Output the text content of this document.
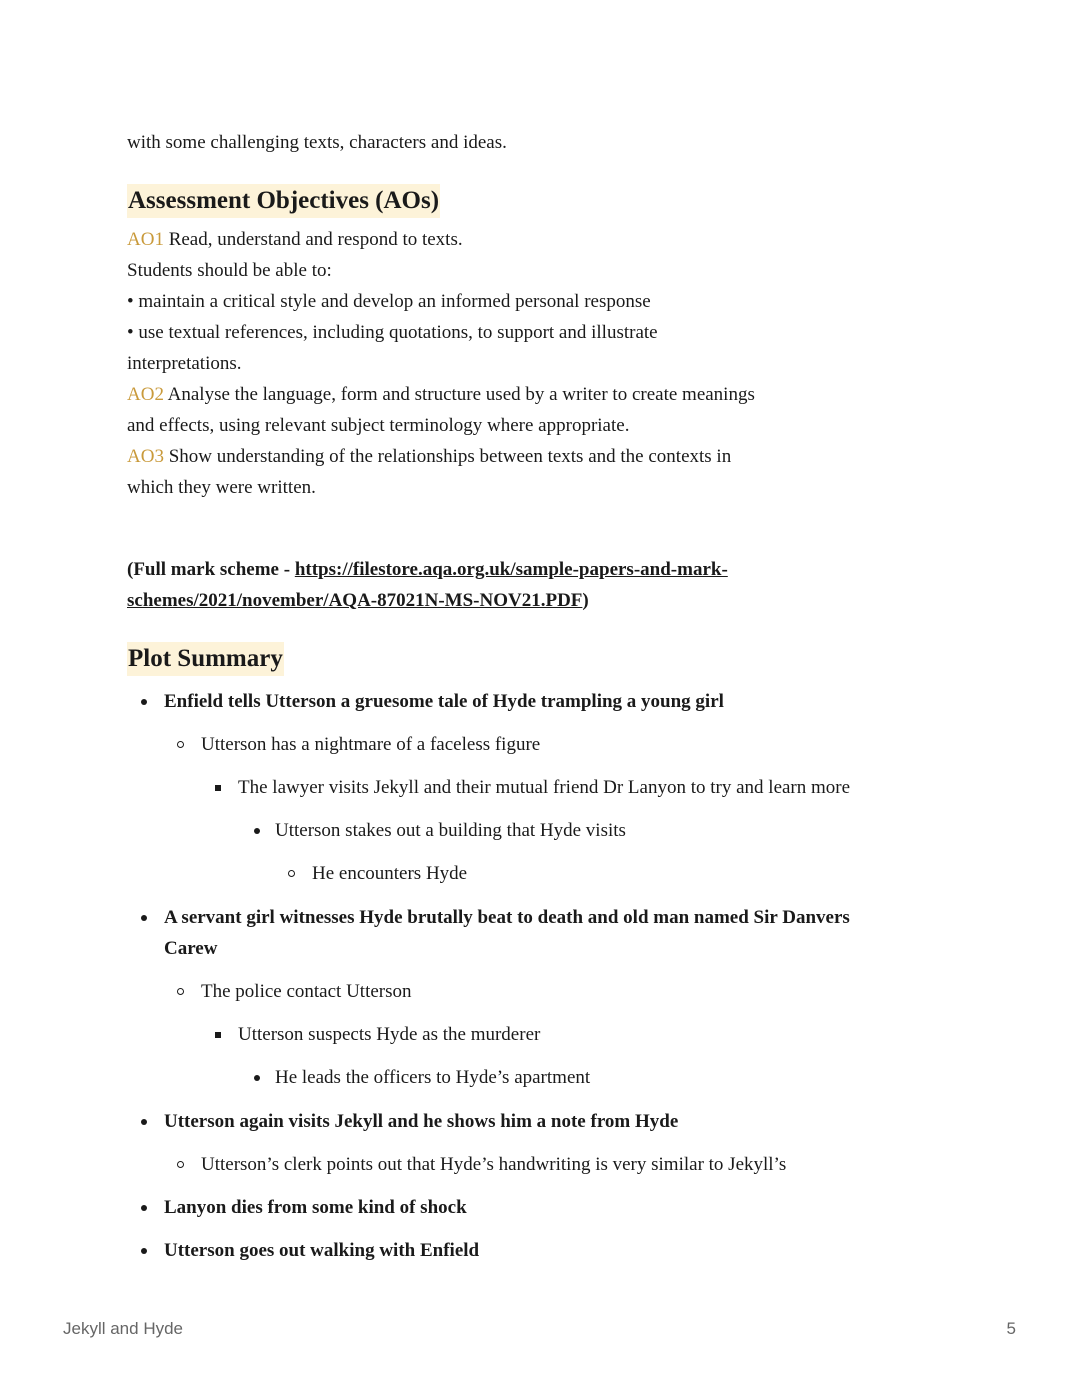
with some challenging texts, characters and ideas.

Assessment Objectives (AOs)

AO1 Read, understand and respond to texts.

Students should be able to:

• maintain a critical style and develop an informed personal response

• use textual references, including quotations, to support and illustrate

interpretations.

AO2 Analyse the language, form and structure used by a writer to create meanings

and effects, using relevant subject terminology where appropriate.

AO3 Show understanding of the relationships between texts and the contexts in

which they were written.

(Full mark scheme - https://filestore.aqa.org.uk/sample-papers-and-mark-

schemes/2021/november/AQA-87021N-MS-NOV21.PDF)

Plot Summary
Enfield tells Utterson a gruesome tale of Hyde trampling a young girl
Utterson has a nightmare of a faceless figure
The lawyer visits Jekyll and their mutual friend Dr Lanyon to try and learn more
Utterson stakes out a building that Hyde visits
He encounters Hyde
A servant girl witnesses Hyde brutally beat to death and old man named Sir Danvers
Carew
The police contact Utterson
Utterson suspects Hyde as the murderer
He leads the officers to Hyde’s apartment
Utterson again visits Jekyll and he shows him a note from Hyde
Utterson’s clerk points out that Hyde’s handwriting is very similar to Jekyll’s
Lanyon dies from some kind of shock
Utterson goes out walking with Enfield
Jekyll and Hyde	5
